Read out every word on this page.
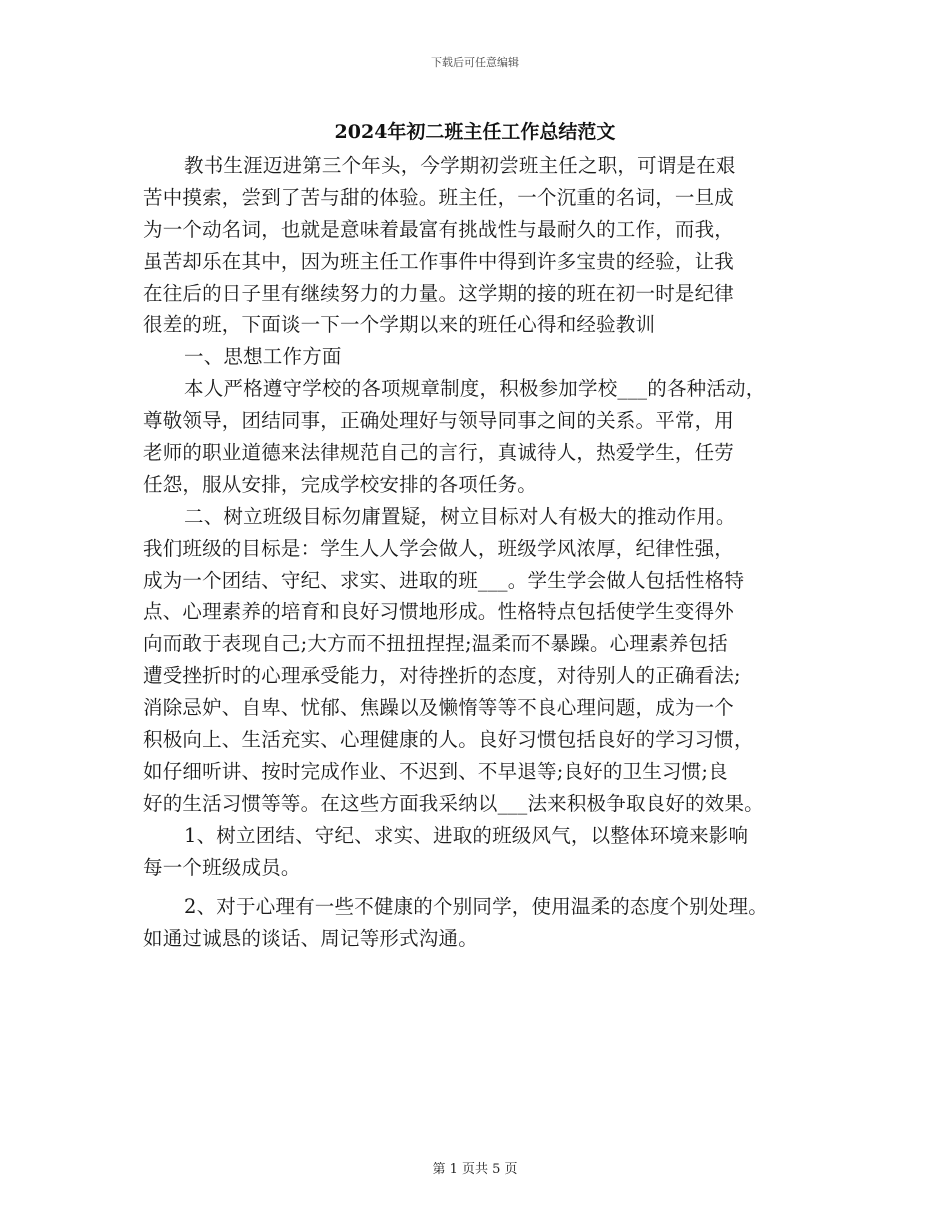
下载后可任意编辑
2024年初二班主任工作总结范文
教书生涯迈进第三个年头，今学期初尝班主任之职，可谓是在艰
苦中摸索，尝到了苦与甜的体验。班主任，一个沉重的名词，一旦成
为一个动名词，也就是意味着最富有挑战性与最耐久的工作，而我，
虽苦却乐在其中，因为班主任工作事件中得到许多宝贵的经验，让我
在往后的日子里有继续努力的力量。这学期的接的班在初一时是纪律
很差的班，下面谈一下一个学期以来的班任心得和经验教训
一、思想工作方面
本人严格遵守学校的各项规章制度，积极参加学校___的各种活动，
尊敬领导，团结同事，正确处理好与领导同事之间的关系。平常，用
老师的职业道德来法律规范自己的言行，真诚待人，热爱学生，任劳
任怨，服从安排，完成学校安排的各项任务。
二、树立班级目标勿庸置疑，树立目标对人有极大的推动作用。
我们班级的目标是：学生人人学会做人，班级学风浓厚，纪律性强，
成为一个团结、守纪、求实、进取的班___。学生学会做人包括性格特
点、心理素养的培育和良好习惯地形成。性格特点包括使学生变得外
向而敢于表现自己;大方而不扭扭捏捏;温柔而不暴躁。心理素养包括
遭受挫折时的心理承受能力，对待挫折的态度，对待别人的正确看法;
消除忌妒、自卑、忧郁、焦躁以及懒惰等等不良心理问题，成为一个
积极向上、生活充实、心理健康的人。良好习惯包括良好的学习习惯，
如仔细听讲、按时完成作业、不迟到、不早退等;良好的卫生习惯;良
好的生活习惯等等。在这些方面我采纳以___法来积极争取良好的效果。
1、树立团结、守纪、求实、进取的班级风气，以整体环境来影响
每一个班级成员。
2、对于心理有一些不健康的个别同学，使用温柔的态度个别处理。
如通过诚恳的谈话、周记等形式沟通。
第 1 页共 5 页
